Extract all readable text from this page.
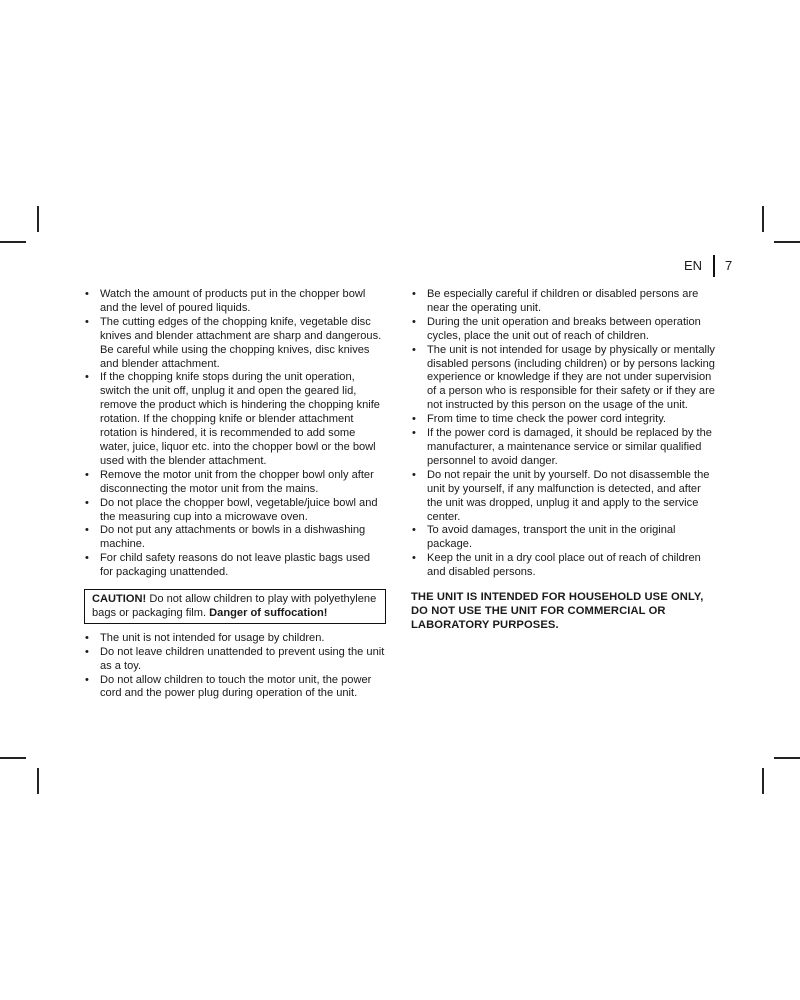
EN 7
• Watch the amount of products put in the chopper bowl and the level of poured liquids.
• The cutting edges of the chopping knife, vegetable disc knives and blender attachment are sharp and dangerous. Be careful while using the chopping knives, disc knives and blender attachment.
• If the chopping knife stops during the unit operation, switch the unit off, unplug it and open the geared lid, remove the product which is hindering the chopping knife rotation. If the chopping knife or blender attachment rotation is hindered, it is recommended to add some water, juice, liquor etc. into the chopper bowl or the bowl used with the blender attachment.
• Remove the motor unit from the chopper bowl only after disconnecting the motor unit from the mains.
• Do not place the chopper bowl, vegetable/juice bowl and the measuring cup into a microwave oven.
• Do not put any attachments or bowls in a dishwashing machine.
• For child safety reasons do not leave plastic bags used for packaging unattended.
CAUTION! Do not allow children to play with polyethylene bags or packaging film. Danger of suffocation!
• The unit is not intended for usage by children.
• Do not leave children unattended to prevent using the unit as a toy.
• Do not allow children to touch the motor unit, the power cord and the power plug during operation of the unit.
• Be especially careful if children or disabled persons are near the operating unit.
• During the unit operation and breaks between operation cycles, place the unit out of reach of children.
• The unit is not intended for usage by physically or mentally disabled persons (including children) or by persons lacking experience or knowledge if they are not under supervision of a person who is responsible for their safety or if they are not instructed by this person on the usage of the unit.
• From time to time check the power cord integrity.
• If the power cord is damaged, it should be replaced by the manufacturer, a maintenance service or similar qualified personnel to avoid danger.
• Do not repair the unit by yourself. Do not disassemble the unit by yourself, if any malfunction is detected, and after the unit was dropped, unplug it and apply to the service center.
• To avoid damages, transport the unit in the original package.
• Keep the unit in a dry cool place out of reach of children and disabled persons.
THE UNIT IS INTENDED FOR HOUSEHOLD USE ONLY, DO NOT USE THE UNIT FOR COMMERCIAL OR LABORATORY PURPOSES.
